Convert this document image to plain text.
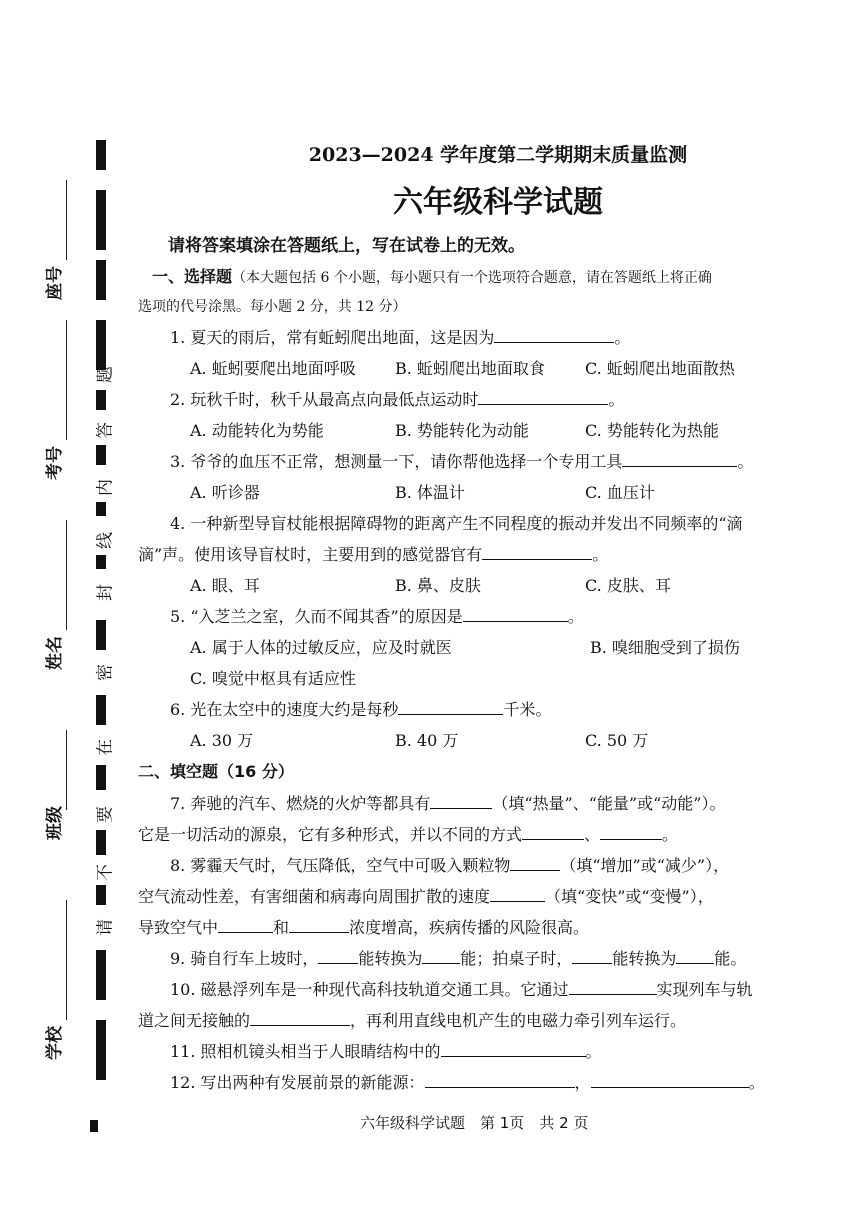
座号
考号
姓名
班级
学校
题
答
内
线
封
密
在
要
不
请
2023—2024 学年度第二学期期末质量监测
六年级科学试题
请将答案填涂在答题纸上，写在试卷上的无效。
一、选择题（本大题包括 6 个小题，每小题只有一个选项符合题意，请在答题纸上将正确
选项的代号涂黑。每小题 2 分，共 12 分）
1. 夏天的雨后，常有蚯蚓爬出地面，这是因为	。
A. 蚯蚓要爬出地面呼吸	B. 蚯蚓爬出地面取食	C. 蚯蚓爬出地面散热
2. 玩秋千时，秋千从最高点向最低点运动时	。
A. 动能转化为势能	B. 势能转化为动能	C. 势能转化为热能
3. 爷爷的血压不正常，想测量一下，请你帮他选择一个专用工具	。
A. 听诊器	B. 体温计	C. 血压计
4. 一种新型导盲杖能根据障碍物的距离产生不同程度的振动并发出不同频率的“滴
滴”声。使用该导盲杖时，主要用到的感觉器官有	。
A. 眼、耳	B. 鼻、皮肤	C. 皮肤、耳
5. “入芝兰之室，久而不闻其香”的原因是	。
A. 属于人体的过敏反应，应及时就医	B. 嗅细胞受到了损伤
C. 嗅觉中枢具有适应性
6. 光在太空中的速度大约是每秒	千米。
A. 30 万	B. 40 万	C. 50 万
二、填空题（16 分）
7. 奔驰的汽车、燃烧的火炉等都具有	（填“热量”、“能量”或“动能”）。
它是一切活动的源泉，它有多种形式，并以不同的方式	、	。
8. 雾霾天气时，气压降低，空气中可吸入颗粒物	（填“增加”或“减少”），
空气流动性差，有害细菌和病毒向周围扩散的速度	（填“变快”或“变慢”），
导致空气中	和	浓度增高，疾病传播的风险很高。
9. 骑自行车上坡时，	能转换为 能；拍桌子时，	能转换为 能。
10. 磁悬浮列车是一种现代高科技轨道交通工具。它通过	实现列车与轨
道之间无接触的	，再利用直线电机产生的电磁力牵引列车运行。
11. 照相机镜头相当于人眼睛结构中的	。
12. 写出两种有发展前景的新能源：	，	。
六年级科学试题　第 1页　共 2 页
